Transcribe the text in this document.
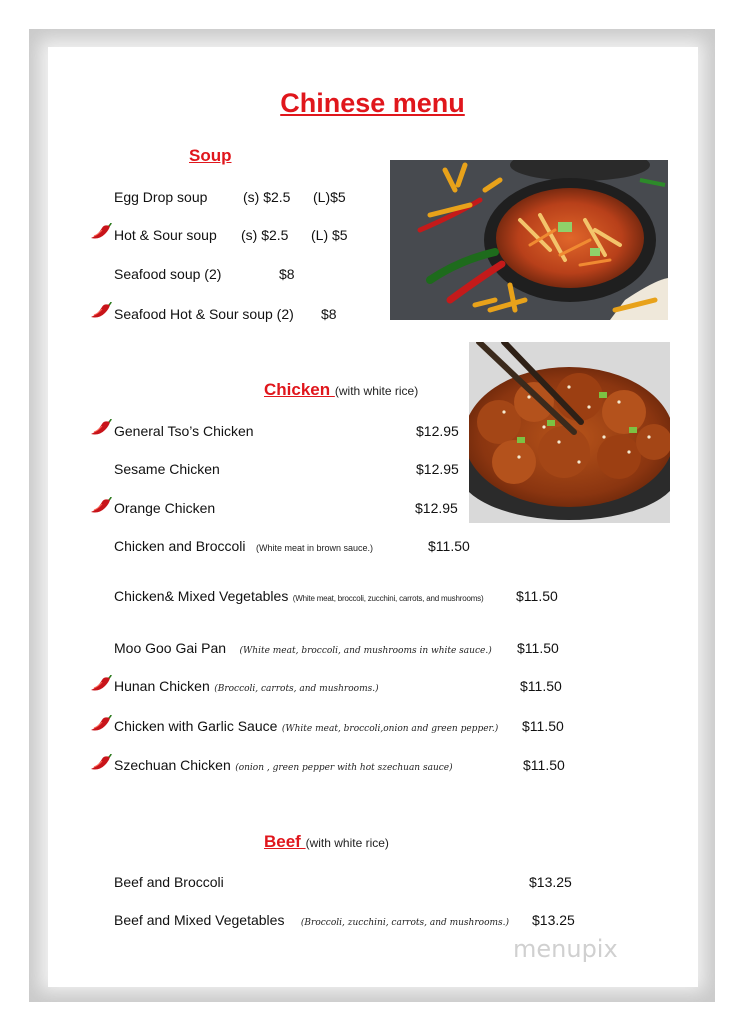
Chinese menu
Soup
Egg Drop soup	(s) $2.5 (L)$5
Hot & Sour soup (s) $2.5 (L) $5
Seafood soup (2)	$8
Seafood Hot & Sour soup (2) $8
Chicken (with white rice)
General Tso’s Chicken	$12.95
Sesame Chicken	$12.95
Orange Chicken	$12.95
Chicken and Broccoli (White meat in brown sauce.)	$11.50
Chicken& Mixed Vegetables (White meat, broccoli, zucchini, carrots, and mushrooms) $11.50
Moo Goo Gai Pan (White meat, broccoli, and mushrooms in white sauce.) $11.50
Hunan Chicken (Broccoli, carrots, and mushrooms.)	$11.50
Chicken with Garlic Sauce (White meat, broccoli,onion and green pepper.) $11.50
Szechuan Chicken (onion , green pepper with hot szechuan sauce)	$11.50
Beef (with white rice)
Beef and Broccoli	$13.25
Beef and Mixed Vegetables (Broccoli, zucchini, carrots, and mushrooms.) $13.25
menupix
